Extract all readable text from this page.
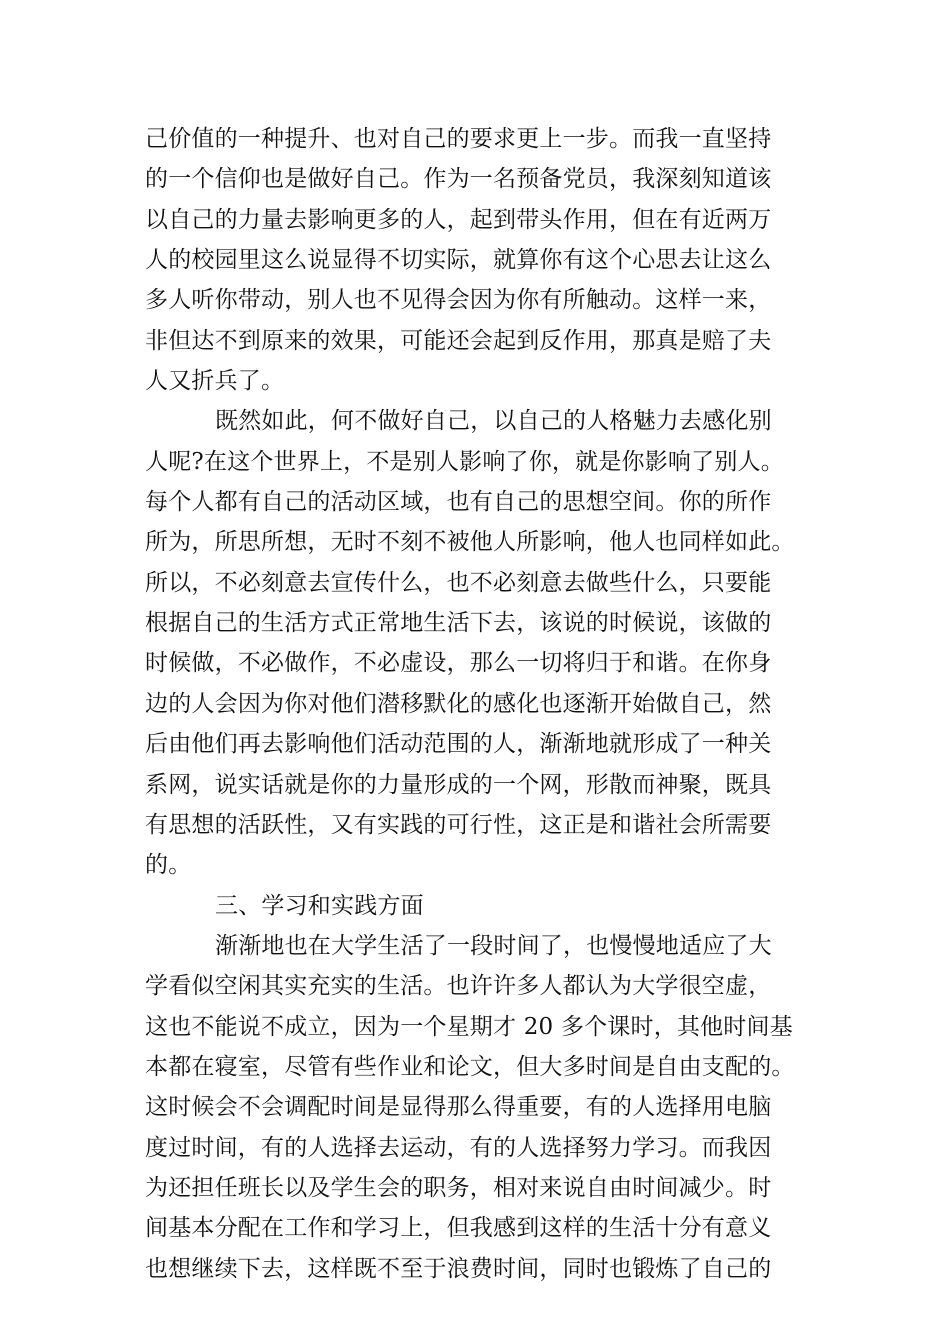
己价值的一种提升、也对自己的要求更上一步。而我一直坚持
的一个信仰也是做好自己。作为一名预备党员，我深刻知道该
以自己的力量去影响更多的人，起到带头作用，但在有近两万
人的校园里这么说显得不切实际，就算你有这个心思去让这么
多人听你带动，别人也不见得会因为你有所触动。这样一来，
非但达不到原来的效果，可能还会起到反作用，那真是赔了夫
人又折兵了。
既然如此，何不做好自己，以自己的人格魅力去感化别
人呢?在这个世界上，不是别人影响了你，就是你影响了别人。
每个人都有自己的活动区域，也有自己的思想空间。你的所作
所为，所思所想，无时不刻不被他人所影响，他人也同样如此。
所以，不必刻意去宣传什么，也不必刻意去做些什么，只要能
根据自己的生活方式正常地生活下去，该说的时候说，该做的
时候做，不必做作，不必虚设，那么一切将归于和谐。在你身
边的人会因为你对他们潜移默化的感化也逐渐开始做自己，然
后由他们再去影响他们活动范围的人，渐渐地就形成了一种关
系网，说实话就是你的力量形成的一个网，形散而神聚，既具
有思想的活跃性，又有实践的可行性，这正是和谐社会所需要
的。
三、学习和实践方面
渐渐地也在大学生活了一段时间了，也慢慢地适应了大
学看似空闲其实充实的生活。也许许多人都认为大学很空虚，
这也不能说不成立，因为一个星期才 20 多个课时，其他时间基
本都在寝室，尽管有些作业和论文，但大多时间是自由支配的。
这时候会不会调配时间是显得那么得重要，有的人选择用电脑
度过时间，有的人选择去运动，有的人选择努力学习。而我因
为还担任班长以及学生会的职务，相对来说自由时间减少。时
间基本分配在工作和学习上，但我感到这样的生活十分有意义
也想继续下去，这样既不至于浪费时间，同时也锻炼了自己的
